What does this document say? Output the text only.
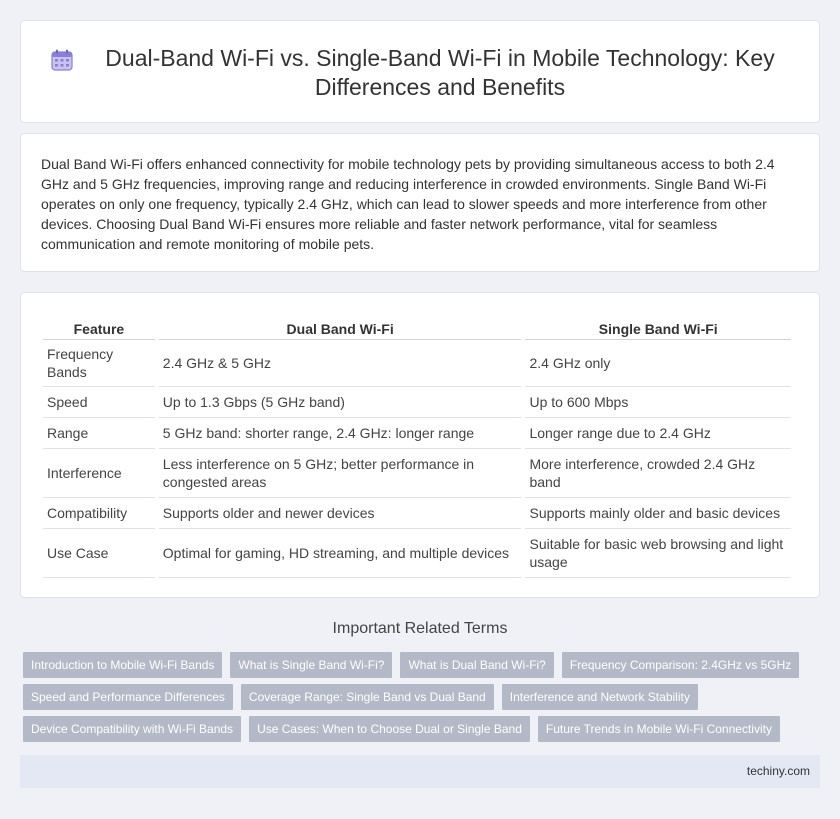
Dual-Band Wi-Fi vs. Single-Band Wi-Fi in Mobile Technology: Key Differences and Benefits

Dual Band Wi-Fi offers enhanced connectivity for mobile technology pets by providing simultaneous access to both 2.4 GHz and 5 GHz frequencies, improving range and reducing interference in crowded environments. Single Band Wi-Fi operates on only one frequency, typically 2.4 GHz, which can lead to slower speeds and more interference from other devices. Choosing Dual Band Wi-Fi ensures more reliable and faster network performance, vital for seamless communication and remote monitoring of mobile pets.

Feature	Dual Band Wi-Fi	Single Band Wi-Fi
Frequency Bands	2.4 GHz & 5 GHz	2.4 GHz only
Speed	Up to 1.3 Gbps (5 GHz band)	Up to 600 Mbps
Range	5 GHz band: shorter range, 2.4 GHz: longer range	Longer range due to 2.4 GHz
Interference	Less interference on 5 GHz; better performance in congested areas	More interference, crowded 2.4 GHz band
Compatibility	Supports older and newer devices	Supports mainly older and basic devices
Use Case	Optimal for gaming, HD streaming, and multiple devices	Suitable for basic web browsing and light usage
Important Related Terms
Introduction to Mobile Wi-Fi Bands	What is Single Band Wi-Fi?	What is Dual Band Wi-Fi?	Frequency Comparison: 2.4GHz vs 5GHz
Speed and Performance Differences	Coverage Range: Single Band vs Dual Band	Interference and Network Stability
Device Compatibility with Wi-Fi Bands	Use Cases: When to Choose Dual or Single Band	Future Trends in Mobile Wi-Fi Connectivity
techiny.com
